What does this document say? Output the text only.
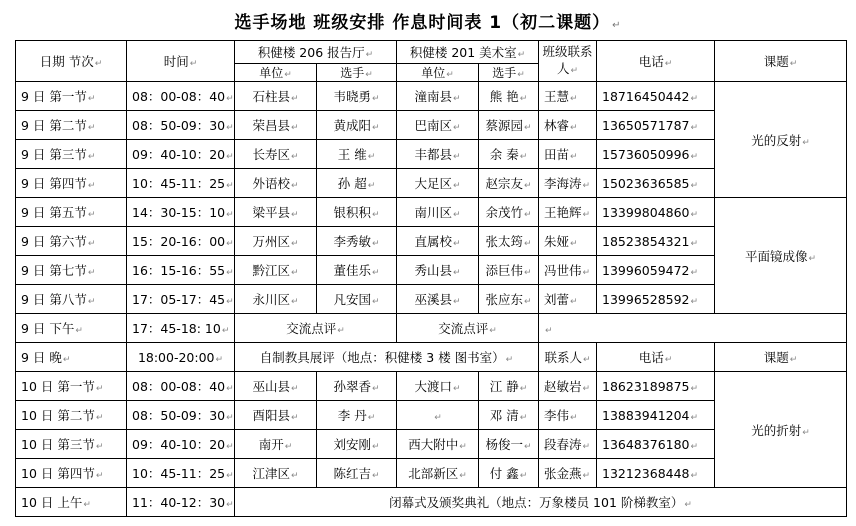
选手场地 班级安排 作息时间表 1（初二课题） ↵
日期 节次↵	时间↵	积健楼 206 报告厅↵		积健楼 201 美术室↵		班级联系人↵	电话↵	课题↵
		单位↵	选手↵	单位↵	选手↵			
9 日 第一节↵	08：00-08：40↵	石柱县↵	韦晓勇↵	潼南县↵	熊 艳↵	王慧↵	18716450442↵	光的反射↵
9 日 第二节↵	08：50-09：30↵	荣昌县↵	黄成阳↵	巴南区↵	蔡源园↵	林睿↵	13650571787↵	
9 日 第三节↵	09：40-10：20↵	长寿区↵	王 维↵	丰都县↵	余 秦↵	田苗↵	15736050996↵	
9 日 第四节↵	10：45-11：25↵	外语校↵	孙 超↵	大足区↵	赵宗友↵	李海涛↵	15023636585↵	
9 日 第五节↵	14：30-15：10↵	梁平县↵	银积积↵	南川区↵	余茂竹↵	王艳辉↵	13399804860↵	平面镜成像↵
9 日 第六节↵	15：20-16：00↵	万州区↵	李秀敏↵	直属校↵	张太筠↵	朱娅↵	18523854321↵	
9 日 第七节↵	16：15-16：55↵	黔江区↵	董佳乐↵	秀山县↵	添巨伟↵	冯世伟↵	13996059472↵	
9 日 第八节↵	17：05-17：45↵	永川区↵	凡安国↵	巫溪县↵	张应东↵	刘蕾↵	13996528592↵	
9 日 下午↵	17：45-18: 10↵	交流点评↵		交流点评↵		↵		
9 日 晚↵	18:00-20:00↵	自制教具展评（地点：积健楼 3 楼 图书室）↵				联系人↵	电话↵	课题↵
10 日 第一节↵	08：00-08：40↵	巫山县↵	孙翠香↵	大渡口↵	江 静↵	赵敏岩↵	18623189875↵	光的折射↵
10 日 第二节↵	08：50-09：30↵	酉阳县↵	李 丹↵	↵	邓 清↵	李伟↵	13883941204↵	
10 日 第三节↵	09：40-10：20↵	南开↵	刘安刚↵	西大附中↵	杨俊一↵	段春涛↵	13648376180↵	
10 日 第四节↵	10：45-11：25↵	江津区↵	陈红吉↵	北部新区↵	付 鑫↵	张金燕↵	13212368448↵	
10 日 上午↵	11：40-12：30↵	闭幕式及颁奖典礼（地点：万象楼员 101 阶梯教室）↵						
